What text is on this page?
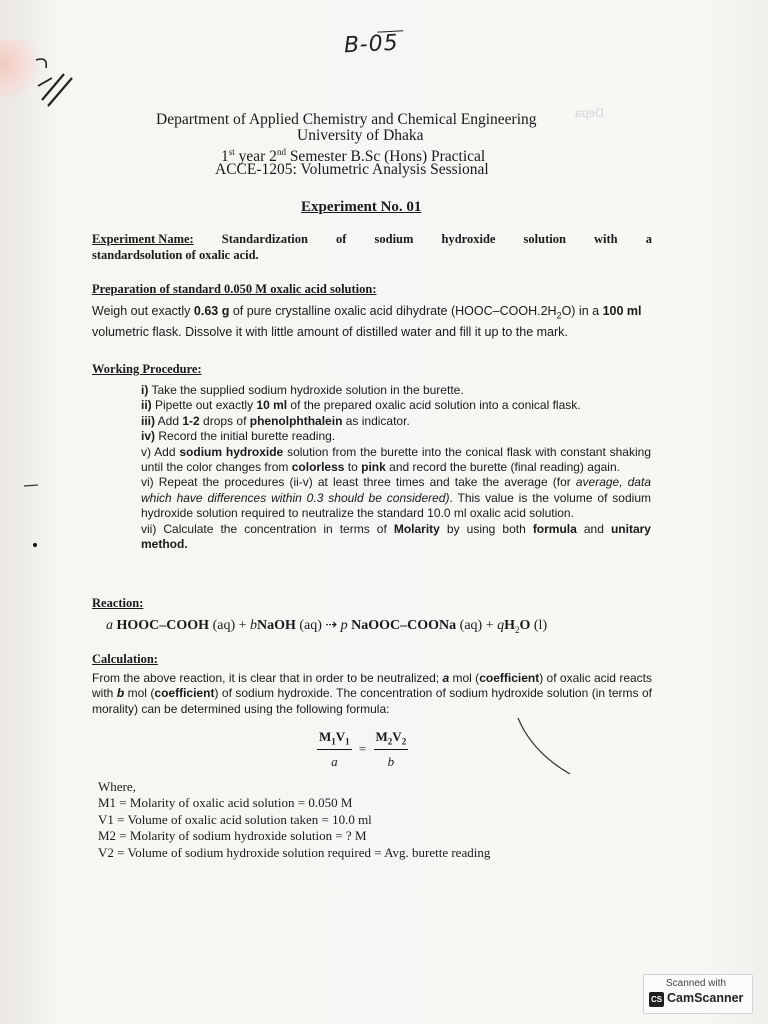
B-05
Department of Applied Chemistry and Chemical Engineering
University of Dhaka
1st year 2nd Semester B.Sc (Hons) Practical
ACCE-1205: Volumetric Analysis Sessional
Depa
Experiment No. 01
Experiment Name: Standardization of sodium hydroxide solution with a
standardsolution of oxalic acid.
Preparation of standard 0.050 M oxalic acid solution:
Weigh out exactly 0.63 g of pure crystalline oxalic acid dihydrate $(HOOC-COOH.2H_2O)$ in a 100 ml volumetric flask. Dissolve it with little amount of distilled water and fill it up to the mark.
Working Procedure:

i) Take the supplied sodium hydroxide solution in the burette.

ii) Pipette out exactly 10 ml of the prepared oxalic acid solution into a conical flask.

iii) Add 1-2 drops of phenolphthalein as indicator.

iv) Record the initial burette reading.

v) Add sodium hydroxide solution from the burette into the conical flask with constant shaking until the color changes from colorless to pink and record the burette (final reading) again.

vi) Repeat the procedures (ii-v) at least three times and take the average (for average, data which have differences within 0.3 should be considered). This value is the volume of sodium hydroxide solution required to neutralize the standard 10.0 ml oxalic acid solution.

vii) Calculate the concentration in terms of Molarity by using both formula and unitary method.

Reaction:
a HOOC–COOH (aq) + bNaOH (aq) ⇢ p NaOOC–COONa $(aq) + qH_2O$ (l)
Calculation:
From the above reaction, it is clear that in order to be neutralized; a mol (coefficient) of oxalic acid reacts with b mol (coefficient) of sodium hydroxide. The concentration of sodium hydroxide solution (in terms of morality) can be determined using the following formula:
$\frac{M_1V_1}{a} = \frac{M_2V_2}{b}$

Where,

M1 = Molarity of oxalic acid solution = 0.050 M

V1 = Volume of oxalic acid solution taken = 10.0 ml

M2 = Molarity of sodium hydroxide solution = ? M

V2 = Volume of sodium hydroxide solution required = Avg. burette reading

Scanned with
CS CamScanner
